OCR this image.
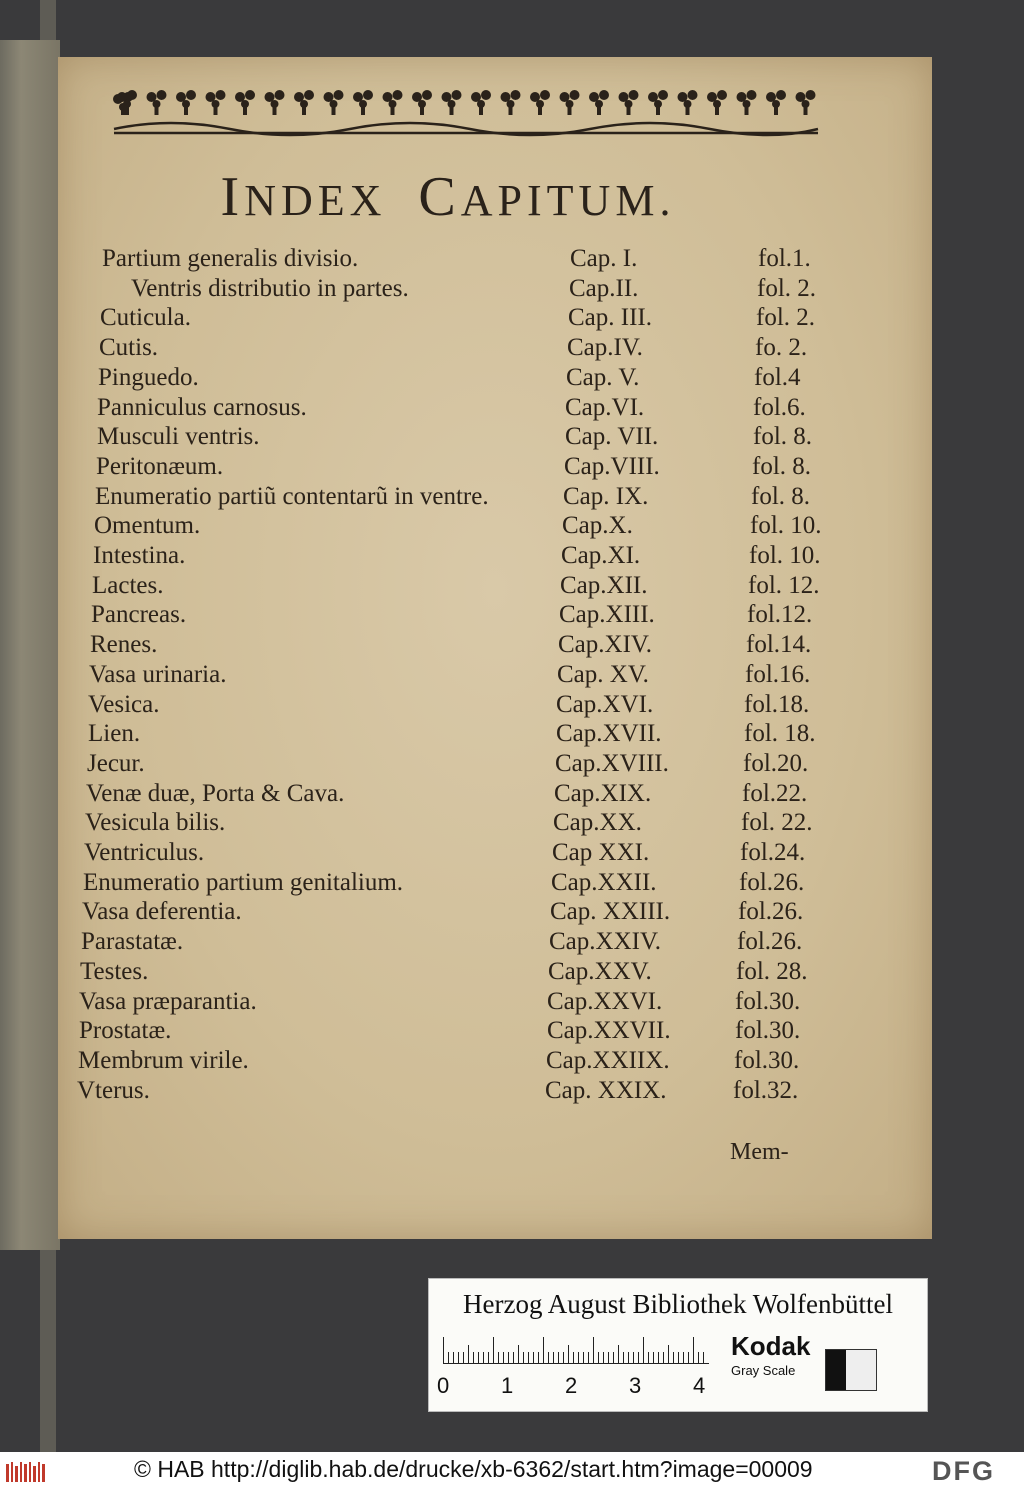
INDEX CAPITUM.
Partium generalis divisio.	Cap. I.	fol.1.
Ventris distributio in partes.	Cap.II.	fol. 2.
Cuticula.	Cap. III.	fol. 2.
Cutis.	Cap.IV.	fo. 2.
Pinguedo.	Cap. V.	fol.4
Panniculus carnosus.	Cap.VI.	fol.6.
Musculi ventris.	Cap. VII.	fol. 8.
Peritonæum.	Cap.VIII.	fol. 8.
Enumeratio partiũ contentarũ in ventre.	Cap. IX.	fol. 8.
Omentum.	Cap.X.	fol. 10.
Intestina.	Cap.XI.	fol. 10.
Lactes.	Cap.XII.	fol. 12.
Pancreas.	Cap.XIII.	fol.12.
Renes.	Cap.XIV.	fol.14.
Vasa urinaria.	Cap. XV.	fol.16.
Vesica.	Cap.XVI.	fol.18.
Lien.	Cap.XVII.	fol. 18.
Jecur.	Cap.XVIII.	fol.20.
Venæ duæ, Porta & Cava.	Cap.XIX.	fol.22.
Vesicula bilis.	Cap.XX.	fol. 22.
Ventriculus.	Cap XXI.	fol.24.
Enumeratio partium genitalium.	Cap.XXII.	fol.26.
Vasa deferentia.	Cap. XXIII.	fol.26.
Parastatæ.	Cap.XXIV.	fol.26.
Testes.	Cap.XXV.	fol. 28.
Vasa præparantia.	Cap.XXVI.	fol.30.
Prostatæ.	Cap.XXVII.	fol.30.
Membrum virile.	Cap.XXIIX.	fol.30.
Vterus.	Cap. XXIX.	fol.32.
Mem-
Herzog August Bibliothek Wolfenbüttel
0 1 2 3 4
Kodak
Gray Scale
© HAB http://diglib.hab.de/drucke/xb-6362/start.htm?image=00009	DFG
